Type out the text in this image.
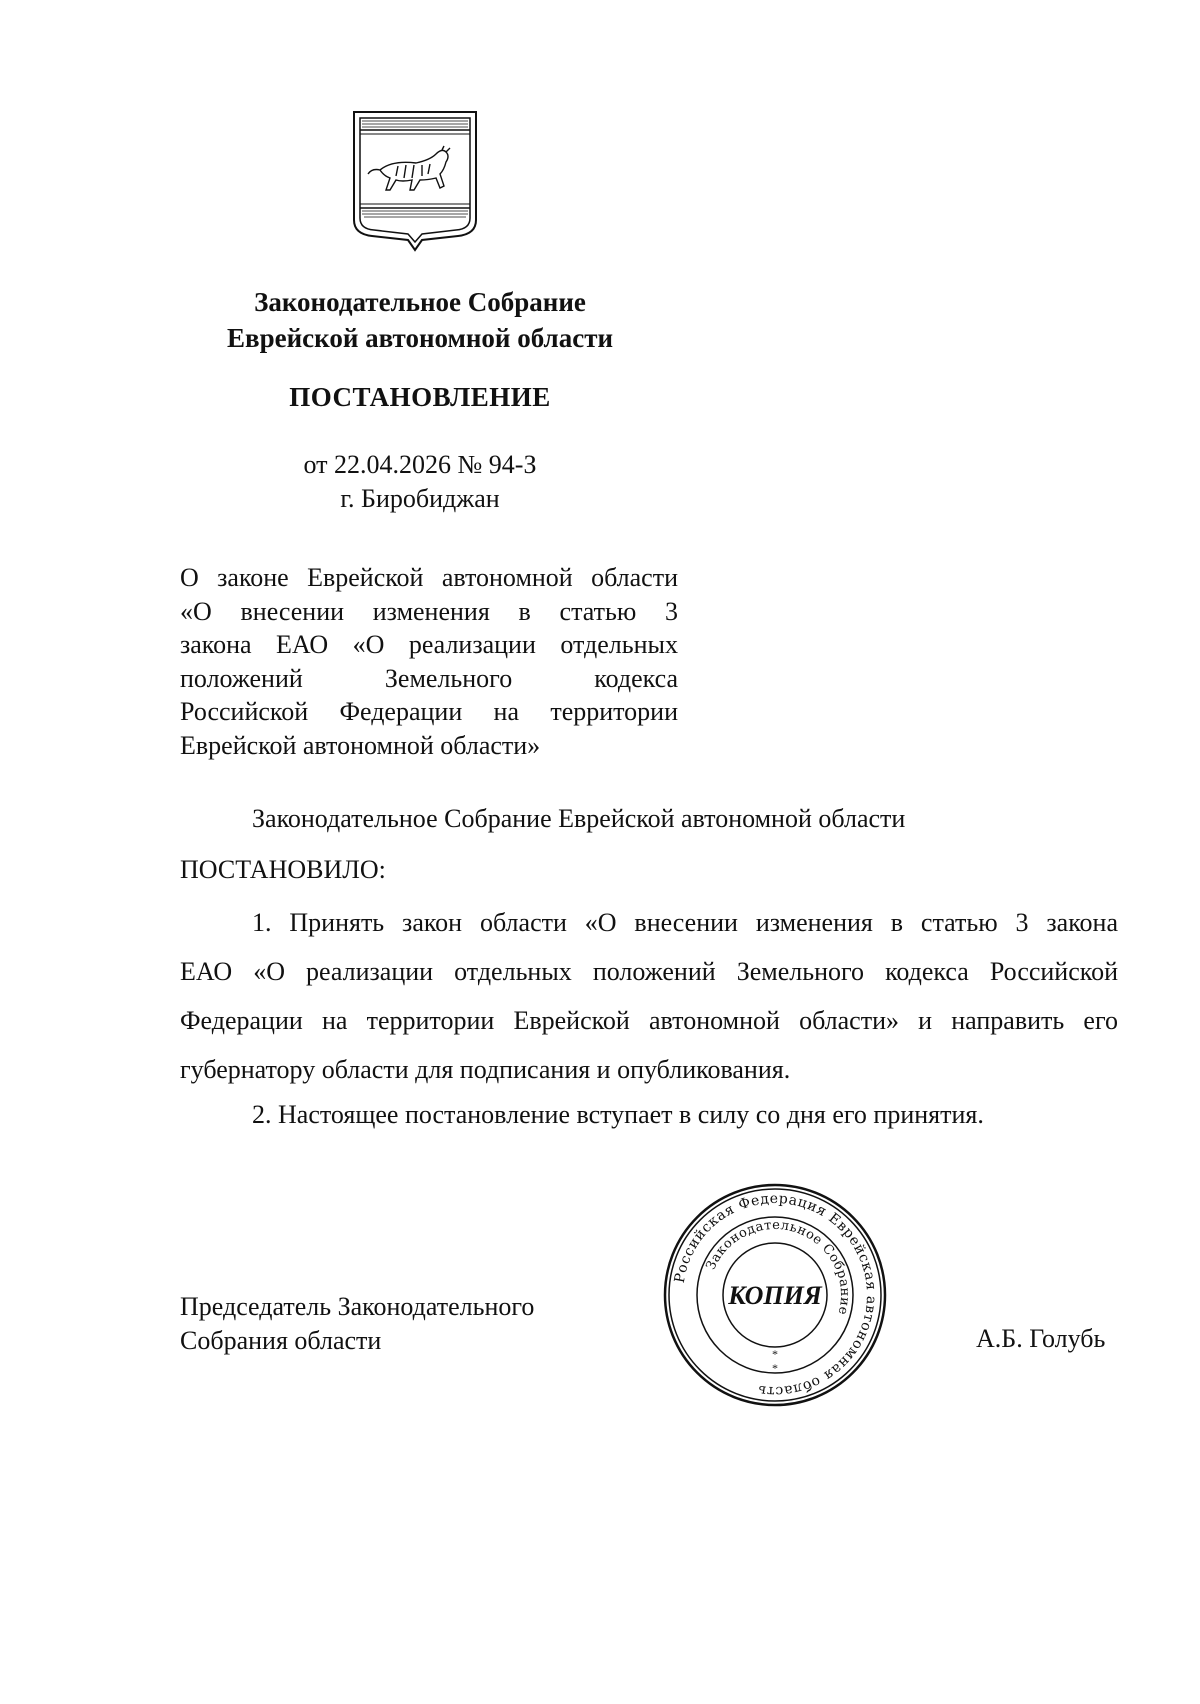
Законодательное Собрание
Еврейской автономной области
ПОСТАНОВЛЕНИЕ
от 22.04.2026 № 94-З
г. Биробиджан
О законе Еврейской автономной области
«О внесении изменения в статью 3
закона ЕАО «О реализации отдельных
положений Земельного кодекса
Российской Федерации на территории
Еврейской автономной области»
Законодательное Собрание Еврейской автономной области
ПОСТАНОВИЛО:
1. Принять закон области «О внесении изменения в статью 3 закона
ЕАО «О реализации отдельных положений Земельного кодекса Российской
Федерации на территории Еврейской автономной области» и направить его
губернатору области для подписания и опубликования.
2. Настоящее постановление вступает в силу со дня его принятия.
Председатель Законодательного
Собрания области	А.Б. Голубь
Российская Федерация Еврейская автономная область
Законодательное Собрание
КОПИЯ
*
*
